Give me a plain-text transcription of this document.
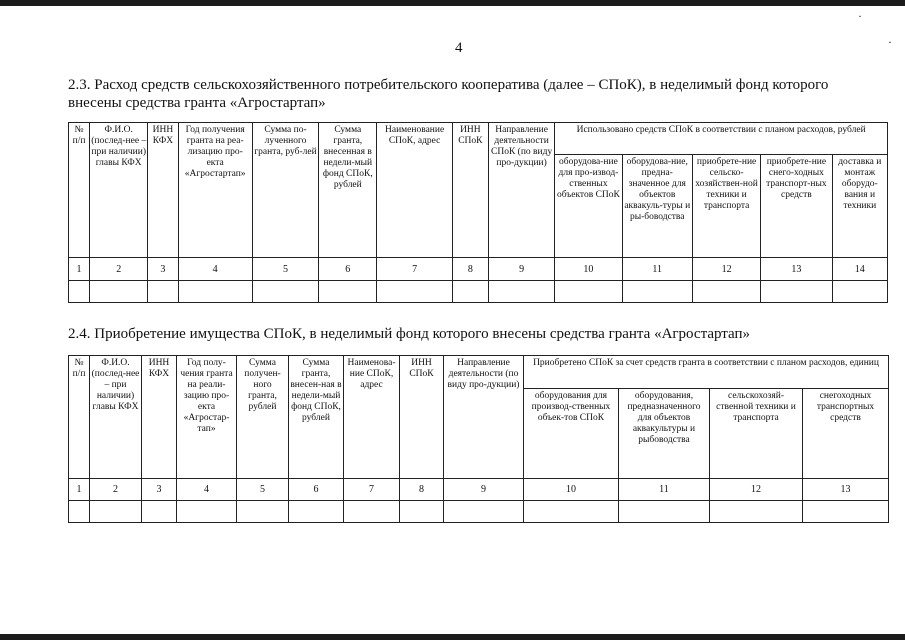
·
·
4
2.3. Расход средств сельскохозяйственного потребительского кооператива (далее – СПоК), в неделимый фонд которого внесены средства гранта «Агростартап»
№ п/п	Ф.И.О. (послед-нее – при наличии) главы КФХ	ИНН КФХ	Год получения гранта на реа-лизацию про-екта «Агростартап»	Сумма по-лученного гранта, руб-лей	Сумма гранта, внесенная в недели-мый фонд СПоК, рублей	Наименование СПоК, адрес	ИНН СПоК	Направление деятельности СПоК (по виду про-дукции)	Использовано средств СПоК в соответствии с планом расходов, рублей				
									оборудова-ние для про-извод-ственных объектов СПоК	оборудова-ние, предна-значенное для объектов аквакуль-туры и ры-боводства	приобрете-ние сельско-хозяйствен-ной техники и транспорта	приобрете-ние снего-ходных транспорт-ных средств	доставка и монтаж оборудо-вания и техники
1	2	3	4	5	6	7	8	9	10	11	12	13	14

2.4. Приобретение имущества СПоК, в неделимый фонд которого внесены средства гранта «Агростартап»
№ п/п	Ф.И.О. (послед-нее – при наличии) главы КФХ	ИНН КФХ	Год полу-чения гранта на реали-зацию про-екта «Агростар-тап»	Сумма получен-ного гранта, рублей	Сумма гранта, внесен-ная в недели-мый фонд СПоК, рублей	Наименова-ние СПоК, адрес	ИНН СПоК	Направление деятельности (по виду про-дукции)	Приобретено СПоК за счет средств гранта в соответствии с планом расходов, единиц			
									оборудования для производ-ственных объек-тов СПоК	оборудования, предназначенного для объектов аквакультуры и рыбоводства	сельскохозяй-ственной техники и транспорта	снегоходных транспортных средств
1	2	3	4	5	6	7	8	9	10	11	12	13
